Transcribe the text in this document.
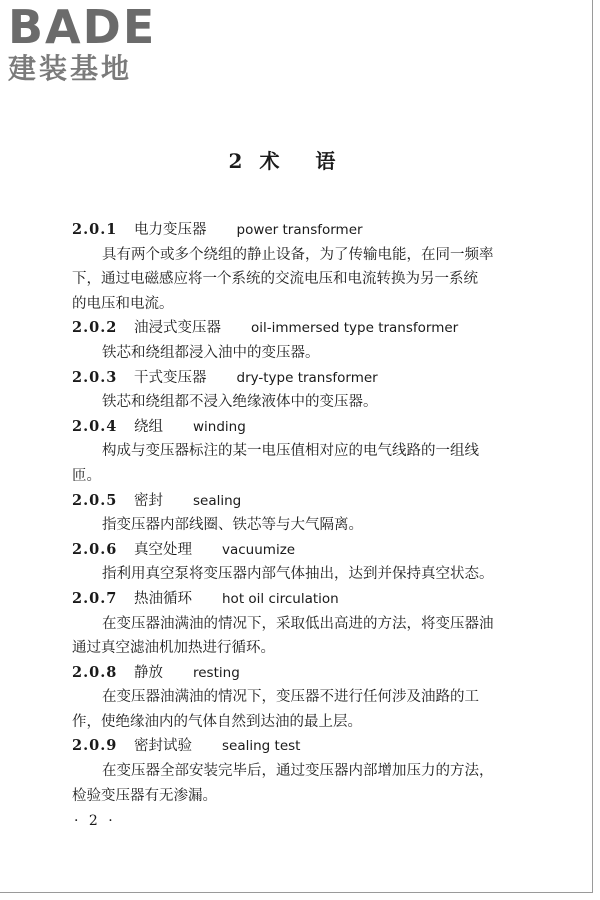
BADE
建装基地
2 术语
2.0.1 电力变压器 power transformer
具有两个或多个绕组的静止设备，为了传输电能，在同一频率
下，通过电磁感应将一个系统的交流电压和电流转换为另一系统
的电压和电流。
2.0.2 油浸式变压器 oil-immersed type transformer
铁芯和绕组都浸入油中的变压器。
2.0.3 干式变压器 dry-type transformer
铁芯和绕组都不浸入绝缘液体中的变压器。
2.0.4 绕组 winding
构成与变压器标注的某一电压值相对应的电气线路的一组线
匝。
2.0.5 密封 sealing
指变压器内部线圈、铁芯等与大气隔离。
2.0.6 真空处理 vacuumize
指利用真空泵将变压器内部气体抽出，达到并保持真空状态。
2.0.7 热油循环 hot oil circulation
在变压器油满油的情况下，采取低出高进的方法，将变压器油
通过真空滤油机加热进行循环。
2.0.8 静放 resting
在变压器油满油的情况下，变压器不进行任何涉及油路的工
作，使绝缘油内的气体自然到达油的最上层。
2.0.9 密封试验 sealing test
在变压器全部安装完毕后，通过变压器内部增加压力的方法，
检验变压器有无渗漏。
· 2 ·
